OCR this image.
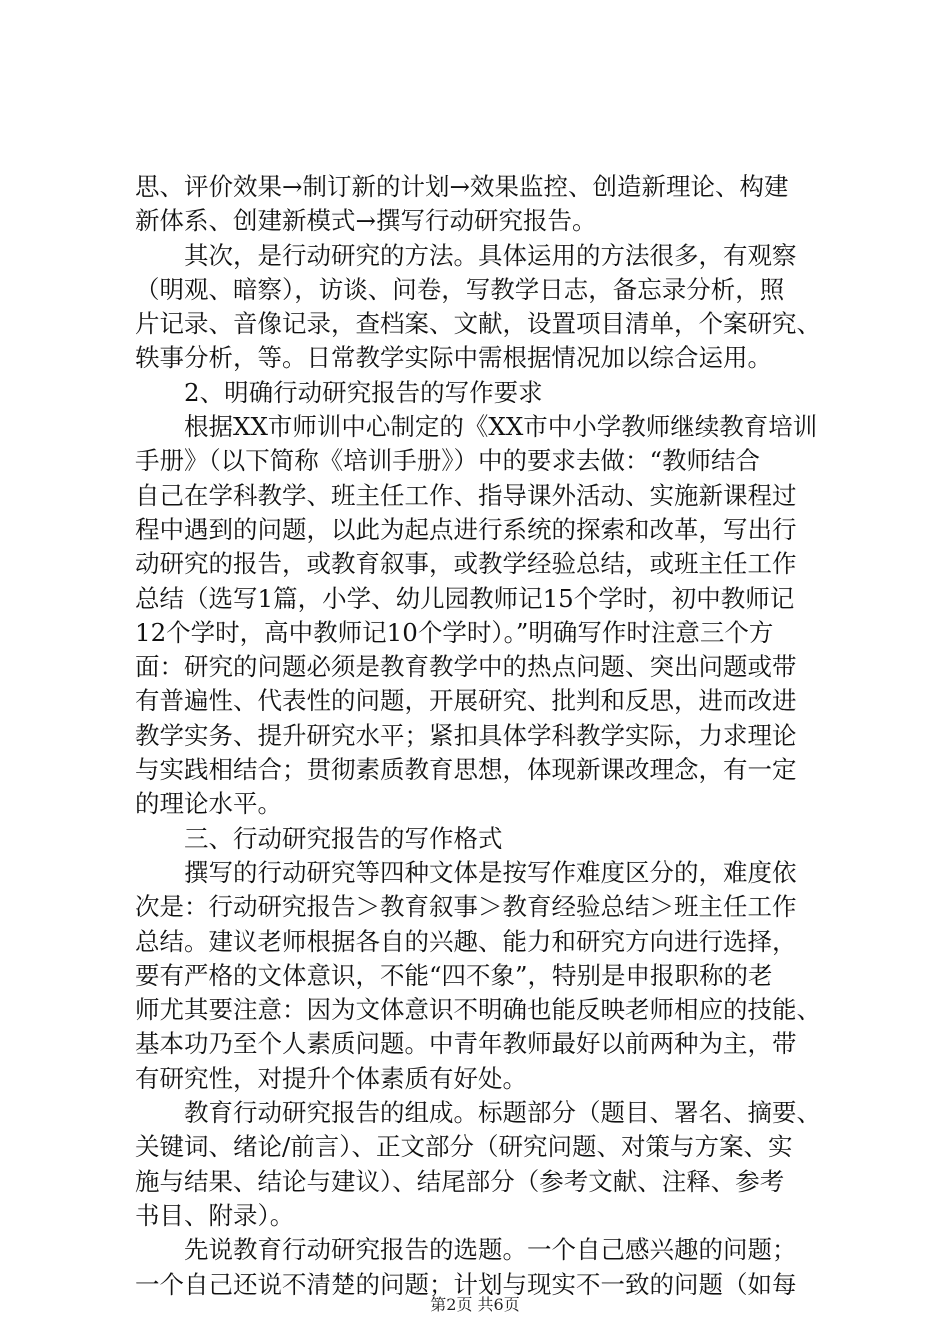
思、评价效果→制订新的计划→效果监控、创造新理论、构建
新体系、创建新模式→撰写行动研究报告。
　　其次，是行动研究的方法。具体运用的方法很多，有观察
（明观、暗察），访谈、问卷，写教学日志，备忘录分析，照
片记录、音像记录，查档案、文献，设置项目清单，个案研究、
轶事分析，等。日常教学实际中需根据情况加以综合运用。
　　2、明确行动研究报告的写作要求
　　根据XX市师训中心制定的《XX市中小学教师继续教育培训
手册》（以下简称《培训手册》）中的要求去做：“教师结合
自己在学科教学、班主任工作、指导课外活动、实施新课程过
程中遇到的问题，以此为起点进行系统的探索和改革，写出行
动研究的报告，或教育叙事，或教学经验总结，或班主任工作
总结（选写1篇，小学、幼儿园教师记15个学时，初中教师记
12个学时，高中教师记10个学时）。”明确写作时注意三个方
面：研究的问题必须是教育教学中的热点问题、突出问题或带
有普遍性、代表性的问题，开展研究、批判和反思，进而改进
教学实务、提升研究水平；紧扣具体学科教学实际，力求理论
与实践相结合；贯彻素质教育思想，体现新课改理念，有一定
的理论水平。
　　三、行动研究报告的写作格式
　　撰写的行动研究等四种文体是按写作难度区分的，难度依
次是：行动研究报告＞教育叙事＞教育经验总结＞班主任工作
总结。建议老师根据各自的兴趣、能力和研究方向进行选择，
要有严格的文体意识，不能“四不象”，特别是申报职称的老
师尤其要注意：因为文体意识不明确也能反映老师相应的技能、
基本功乃至个人素质问题。中青年教师最好以前两种为主，带
有研究性，对提升个体素质有好处。
　　教育行动研究报告的组成。标题部分（题目、署名、摘要、
关键词、绪论/前言）、正文部分（研究问题、对策与方案、实
施与结果、结论与建议）、结尾部分（参考文献、注释、参考
书目、附录）。
　　先说教育行动研究报告的选题。一个自己感兴趣的问题；
一个自己还说不清楚的问题；计划与现实不一致的问题（如每
第2页 共6页
